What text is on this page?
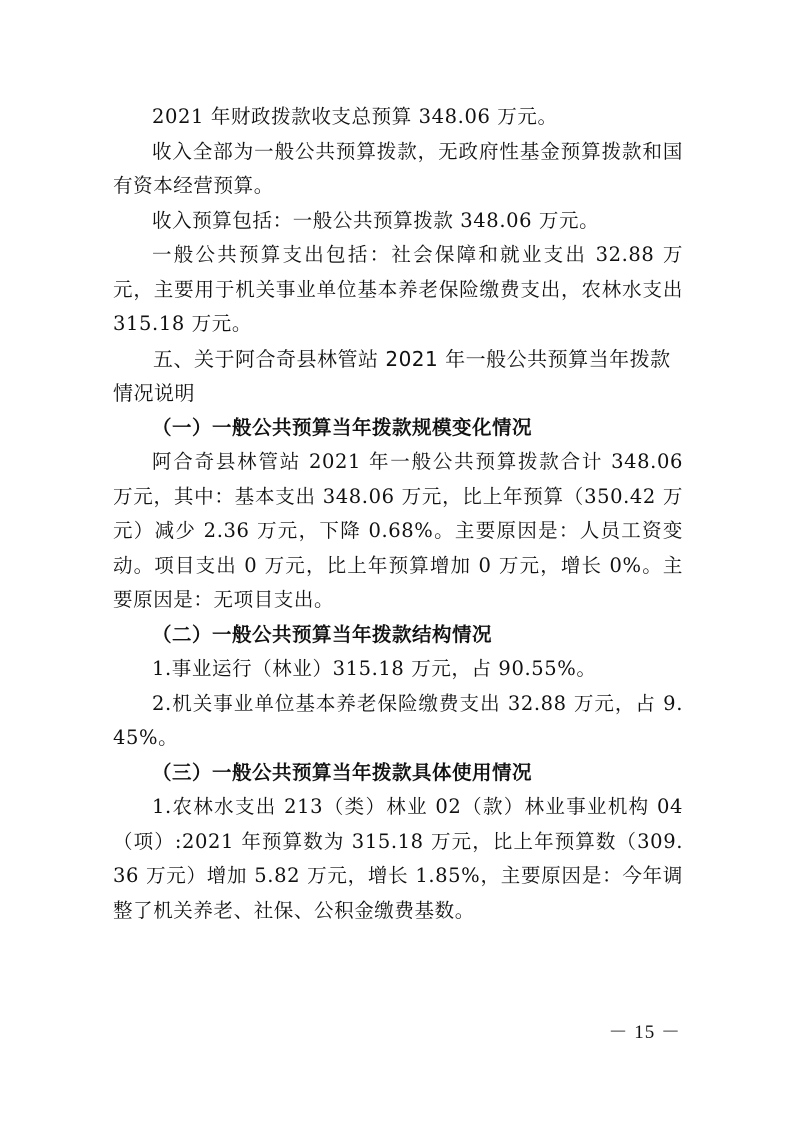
2021 年财政拨款收支总预算 348.06 万元。

收入全部为一般公共预算拨款，无政府性基金预算拨款和国有资本经营预算。

收入预算包括：一般公共预算拨款 348.06 万元。

一般公共预算支出包括：社会保障和就业支出 32.88 万元，主要用于机关事业单位基本养老保险缴费支出，农林水支出 315.18 万元。

五、关于阿合奇县林管站 2021 年一般公共预算当年拨款情况说明

（一）一般公共预算当年拨款规模变化情况

阿合奇县林管站 2021 年一般公共预算拨款合计 348.06 万元，其中：基本支出 348.06 万元，比上年预算（350.42 万元）减少 2.36 万元，下降 0.68%。主要原因是：人员工资变动。项目支出 0 万元，比上年预算增加 0 万元，增长 0%。主要原因是：无项目支出。

（二）一般公共预算当年拨款结构情况

1.事业运行（林业）315.18 万元，占 90.55%。

2.机关事业单位基本养老保险缴费支出 32.88 万元，占 9.45%。

（三）一般公共预算当年拨款具体使用情况

1.农林水支出 213（类）林业 02（款）林业事业机构 04（项）:2021 年预算数为 315.18 万元，比上年预算数（309.36 万元）增加 5.82 万元，增长 1.85%，主要原因是：今年调整了机关养老、社保、公积金缴费基数。

－ 15 －
